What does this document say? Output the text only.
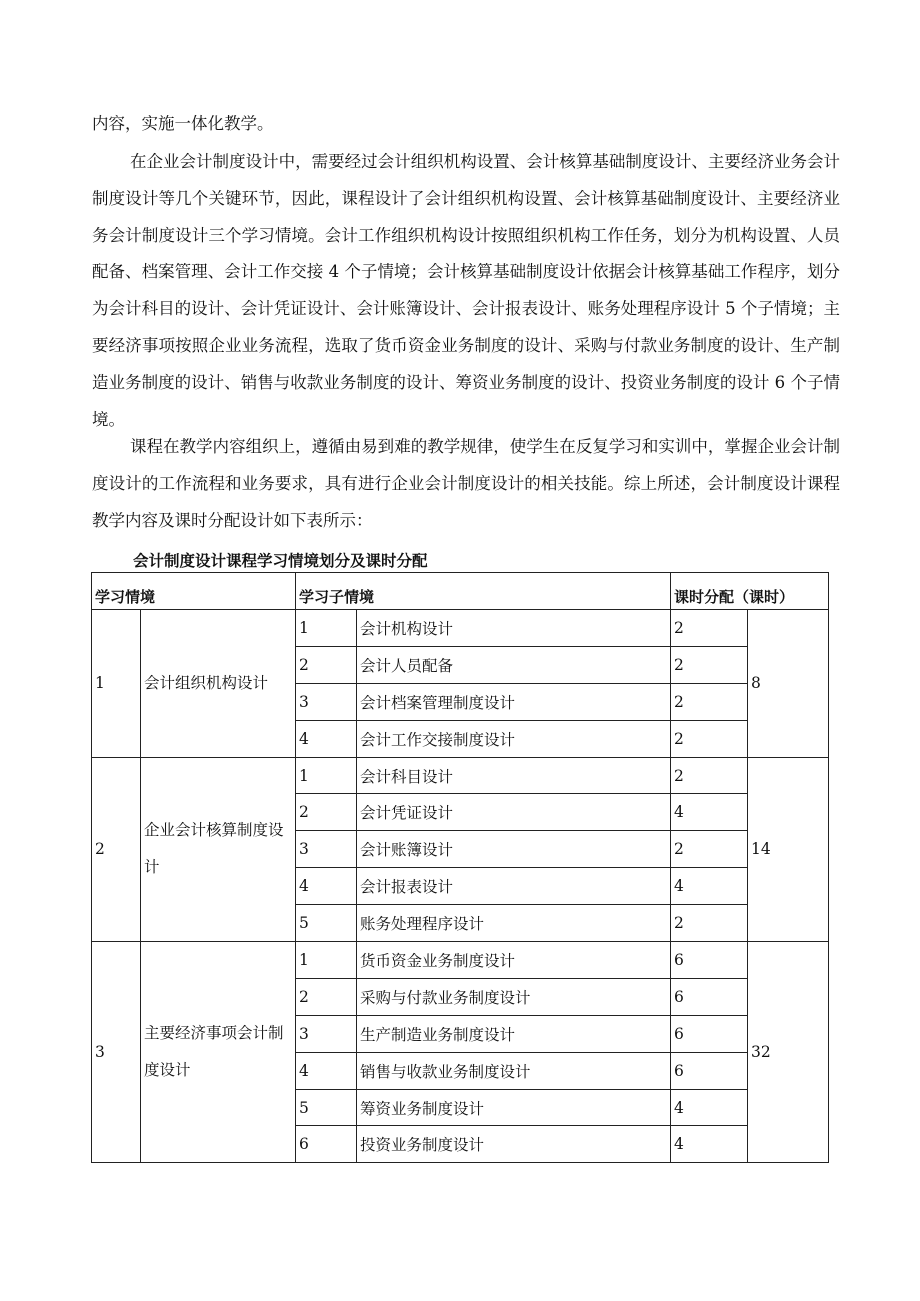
内容，实施一体化教学。

在企业会计制度设计中，需要经过会计组织机构设置、会计核算基础制度设计、主要经济业务会计制度设计等几个关键环节，因此，课程设计了会计组织机构设置、会计核算基础制度设计、主要经济业务会计制度设计三个学习情境。会计工作组织机构设计按照组织机构工作任务，划分为机构设置、人员配备、档案管理、会计工作交接 4 个子情境；会计核算基础制度设计依据会计核算基础工作程序，划分为会计科目的设计、会计凭证设计、会计账簿设计、会计报表设计、账务处理程序设计 5 个子情境；主要经济事项按照企业业务流程，选取了货币资金业务制度的设计、采购与付款业务制度的设计、生产制造业务制度的设计、销售与收款业务制度的设计、筹资业务制度的设计、投资业务制度的设计 6 个子情境。

课程在教学内容组织上，遵循由易到难的教学规律，使学生在反复学习和实训中，掌握企业会计制度设计的工作流程和业务要求，具有进行企业会计制度设计的相关技能。综上所述，会计制度设计课程教学内容及课时分配设计如下表所示：

会计制度设计课程学习情境划分及课时分配
学习情境		学习子情境		课时分配（课时）	
1	会计组织机构设计	1	会计机构设计	2	8
		2	会计人员配备	2	
		3	会计档案管理制度设计	2	
		4	会计工作交接制度设计	2	
2	企业会计核算制度设计	1	会计科目设计	2	14
		2	会计凭证设计	4	
		3	会计账簿设计	2	
		4	会计报表设计	4	
		5	账务处理程序设计	2	
3	主要经济事项会计制度设计	1	货币资金业务制度设计	6	32
		2	采购与付款业务制度设计	6	
		3	生产制造业务制度设计	6	
		4	销售与收款业务制度设计	6	
		5	筹资业务制度设计	4	
		6	投资业务制度设计	4	
